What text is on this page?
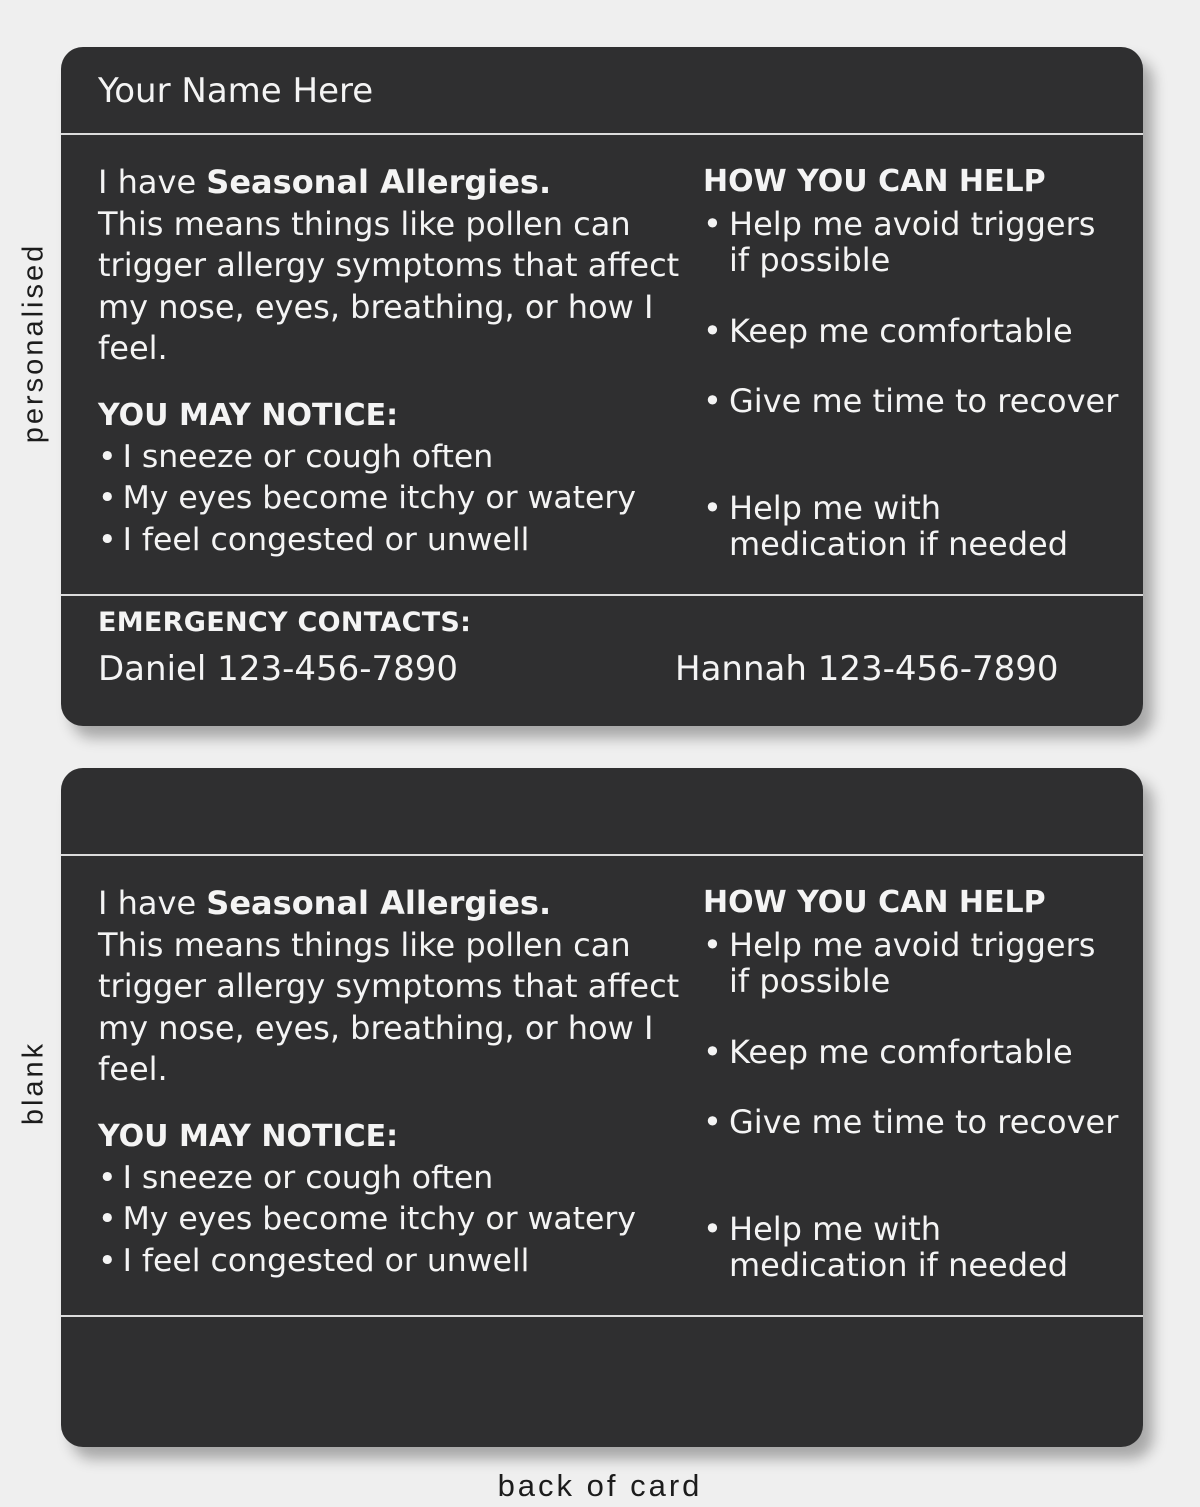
personalised
blank
Your Name Here

I have Seasonal Allergies.
This means things like pollen can trigger allergy symptoms that affect my nose, eyes, breathing, or how I feel.

YOU MAY NOTICE:
• I sneeze or cough often
• My eyes become itchy or watery
• I feel congested or unwell
HOW YOU CAN HELP
• Help me avoid triggers if possible
• Keep me comfortable
• Give me time to recover
• Help me with medication if needed
EMERGENCY CONTACTS:
Daniel 123-456-7890	Hannah 123-456-7890

I have Seasonal Allergies.
This means things like pollen can trigger allergy symptoms that affect my nose, eyes, breathing, or how I feel.

YOU MAY NOTICE:
• I sneeze or cough often
• My eyes become itchy or watery
• I feel congested or unwell
HOW YOU CAN HELP
• Help me avoid triggers if possible
• Keep me comfortable
• Give me time to recover
• Help me with medication if needed
back of card
